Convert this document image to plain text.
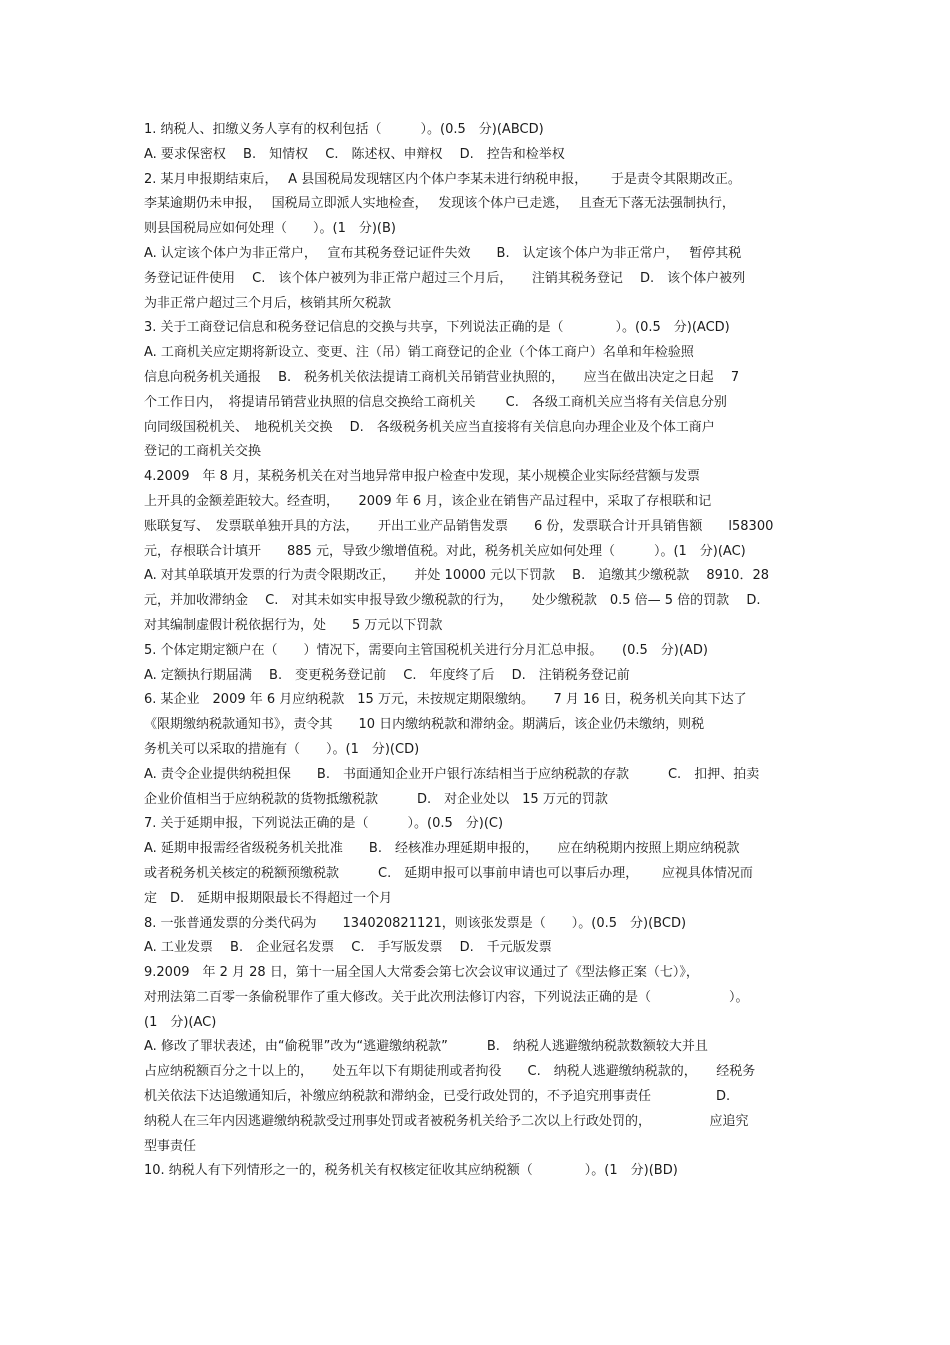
1. 纳税人、扣缴义务人享有的权利包括（　　　）。(0.5　分)(ABCD)
A. 要求保密权　 B.　知情权　 C.　陈述权、申辩权　 D.　控告和检举权
2. 某月申报期结束后，　 A 县国税局发现辖区内个体户李某未进行纳税申报，　　 于是责令其限期改正。
李某逾期仍未申报，　 国税局立即派人实地检查，　 发现该个体户已走逃，　 且查无下落无法强制执行，
则县国税局应如何处理（　　）。(1　分)(B)
A. 认定该个体户为非正常户，　 宣布其税务登记证件失效　　B.　认定该个体户为非正常户，　 暂停其税
务登记证件使用　 C.　该个体户被列为非正常户超过三个月后，　　注销其税务登记　 D.　该个体户被列
为非正常户超过三个月后，核销其所欠税款
3. 关于工商登记信息和税务登记信息的交换与共享，下列说法正确的是（　　　　）。(0.5　分)(ACD)
A. 工商机关应定期将新设立、变更、注（吊）销工商登记的企业（个体工商户）名单和年检验照
信息向税务机关通报　 B.　税务机关依法提请工商机关吊销营业执照的，　　应当在做出决定之日起　 7
个工作日内，　将提请吊销营业执照的信息交换给工商机关　　 C.　各级工商机关应当将有关信息分别
向同级国税机关、　地税机关交换　 D.　各级税务机关应当直接将有关信息向办理企业及个体工商户
登记的工商机关交换
4.2009　年 8 月，某税务机关在对当地异常申报户检查中发现，某小规模企业实际经营额与发票
上开具的金额差距较大。经查明，　　2009 年 6 月，该企业在销售产品过程中，采取了存根联和记
账联复写、　发票联单独开具的方法，　　开出工业产品销售发票　　6 份，发票联合计开具销售额　　l58300
元，存根联合计填开　　885 元，导致少缴增值税。对此，税务机关应如何处理（　　　）。(1　分)(AC)
A. 对其单联填开发票的行为责令限期改正，　　并处 10000 元以下罚款　 B.　追缴其少缴税款　 8910．28
元，并加收滞纳金　 C.　对其未如实申报导致少缴税款的行为，　　处少缴税款　0.5 倍— 5 倍的罚款　 D.
对其编制虚假计税依据行为，处　　5 万元以下罚款
5. 个体定期定额户在（　　）情况下，需要向主管国税机关进行分月汇总申报。　　(0.5　分)(AD)
A. 定额执行期届满　 B.　变更税务登记前　 C.　年度终了后　 D.　注销税务登记前
6. 某企业　2009 年 6 月应纳税款　15 万元，未按规定期限缴纳。　　7 月 16 日，税务机关向其下达了
《限期缴纳税款通知书》，责令其　　10 日内缴纳税款和滞纳金。期满后，该企业仍未缴纳，则税
务机关可以采取的措施有（　　）。(1　分)(CD)
A. 责令企业提供纳税担保　　B.　书面通知企业开户银行冻结相当于应纳税款的存款　　　C.　扣押、拍卖
企业价值相当于应纳税款的货物抵缴税款　　　D.　对企业处以　15 万元的罚款
7. 关于延期申报，下列说法正确的是（　　　）。(0.5　分)(C)
A. 延期申报需经省级税务机关批准　　B.　经核准办理延期申报的，　　应在纳税期内按照上期应纳税款
或者税务机关核定的税额预缴税款　　　C.　延期申报可以事前申请也可以事后办理，　　 应视具体情况而
定　D.　延期申报期限最长不得超过一个月
8. 一张普通发票的分类代码为　　134020821121，则该张发票是（　　）。(0.5　分)(BCD)
A. 工业发票　 B.　企业冠名发票　 C.　手写版发票　 D.　千元版发票
9.2009　年 2 月 28 日，第十一届全国人大常委会第七次会议审议通过了《型法修正案（七）》，
对刑法第二百零一条偷税罪作了重大修改。关于此次刑法修订内容，下列说法正确的是（　　　　　　）。
(1　分)(AC)
A. 修改了罪状表述，由“偷税罪”改为“逃避缴纳税款”　　　B.　纳税人逃避缴纳税款数额较大并且
占应纳税额百分之十以上的，　　处五年以下有期徒刑或者拘役　　C.　纳税人逃避缴纳税款的，　　经税务
机关依法下达追缴通知后，补缴应纳税款和滞纳金，已受行政处罚的，不予追究刑事责任　　　　　D.
纳税人在三年内因逃避缴纳税款受过刑事处罚或者被税务机关给予二次以上行政处罚的，　　　　　应追究
型事责任
10. 纳税人有下列情形之一的，税务机关有权核定征收其应纳税额（　　　　）。(1　分)(BD)
